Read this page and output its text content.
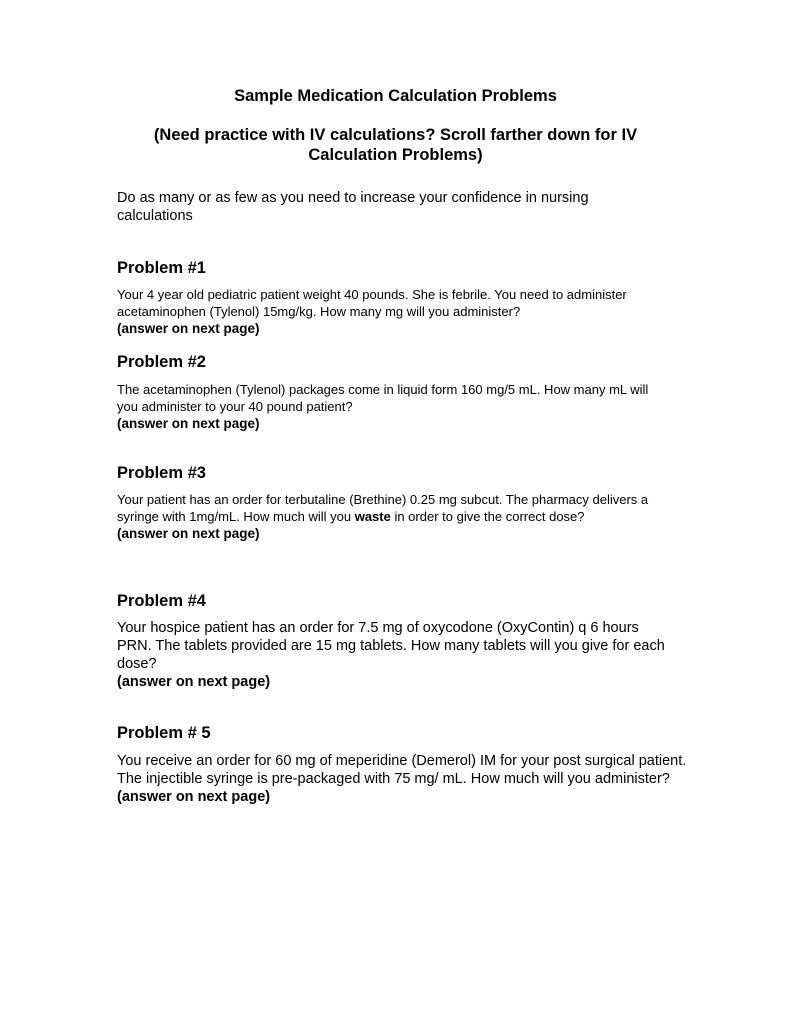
Sample Medication Calculation Problems
(Need practice with IV calculations? Scroll farther down for IV
Calculation Problems)
Do as many or as few as you need to increase your confidence in nursing calculations
Problem #1
Your 4 year old pediatric patient weight 40 pounds. She is febrile. You need to administer acetaminophen (Tylenol) 15mg/kg. How many mg will you administer?
(answer on next page)
Problem #2
The acetaminophen (Tylenol) packages come in liquid form 160 mg/5 mL. How many mL will you administer to your 40 pound patient?
(answer on next page)
Problem #3
Your patient has an order for terbutaline (Brethine) 0.25 mg subcut. The pharmacy delivers a syringe with 1mg/mL. How much will you waste in order to give the correct dose?
(answer on next page)
Problem #4
Your hospice patient has an order for 7.5 mg of oxycodone (OxyContin) q 6 hours PRN. The tablets provided are 15 mg tablets. How many tablets will you give for each dose?
(answer on next page)
Problem # 5
You receive an order for 60 mg of meperidine (Demerol) IM for your post surgical patient. The injectible syringe is pre-packaged with 75 mg/ mL. How much will you administer?
(answer on next page)
